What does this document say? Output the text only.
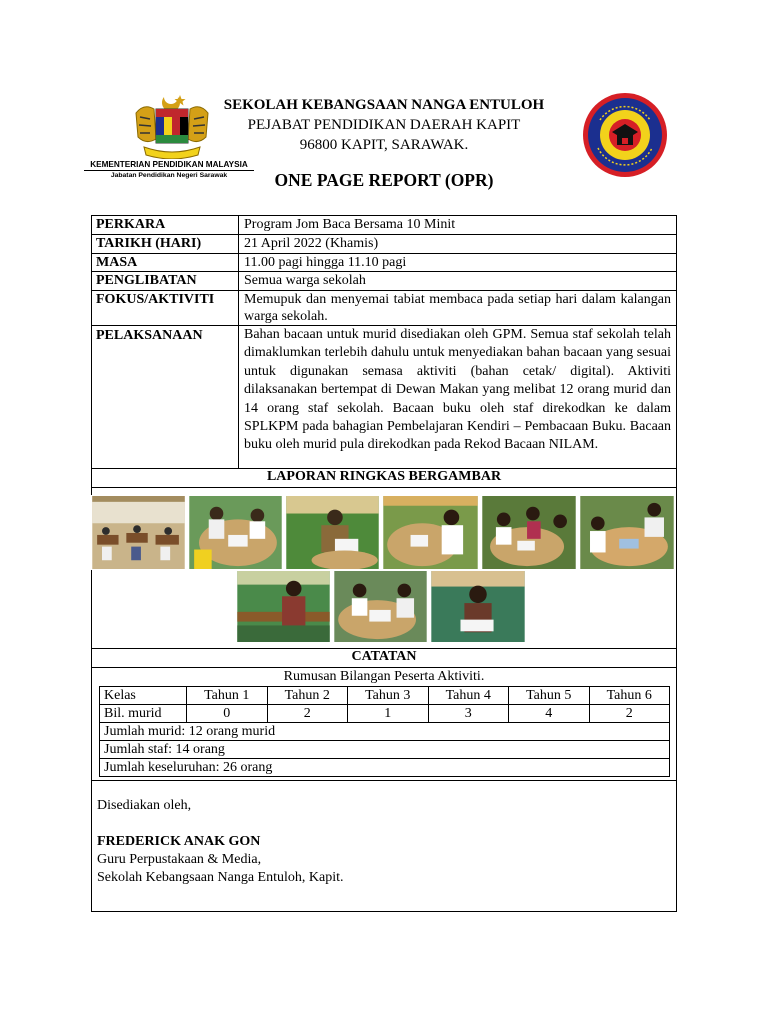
KEMENTERIAN PENDIDIKAN MALAYSIA
Jabatan Pendidikan Negeri Sarawak
SEKOLAH KEBANGSAAN NANGA ENTULOH
PEJABAT PENDIDIKAN DAERAH KAPIT
96800 KAPIT, SARAWAK.
ONE PAGE REPORT (OPR)
PERKARA	Program Jom Baca Bersama 10 Minit
TARIKH (HARI)	21 April 2022 (Khamis)
MASA	11.00 pagi hingga 11.10 pagi
PENGLIBATAN	Semua warga sekolah
FOKUS/AKTIVITI Memupuk dan menyemai tabiat membaca pada setiap hari dalam kalangan warga sekolah.
PELAKSANAAN	Bahan bacaan untuk murid disediakan oleh GPM. Semua staf sekolah telah dimaklumkan terlebih dahulu untuk menyediakan bahan bacaan yang sesuai untuk digunakan semasa aktiviti (bahan cetak/ digital). Aktiviti dilaksanakan bertempat di Dewan Makan yang melibat 12 orang murid dan 14 orang staf sekolah. Bacaan buku oleh staf direkodkan ke dalam SPLKPM pada bahagian Pembelajaran Kendiri – Pembacaan Buku. Bacaan buku oleh murid pula direkodkan pada Rekod Bacaan NILAM.
LAPORAN RINGKAS BERGAMBAR
CATATAN
Rumusan Bilangan Peserta Aktiviti.
Kelas	Tahun 1	Tahun 2	Tahun 3	Tahun 4	Tahun 5	Tahun 6
Bil. murid	0	2	1	3	4	2
Jumlah murid: 12 orang murid						
Jumlah staf: 14 orang						
Jumlah keseluruhan: 26 orang						
Disediakan oleh,
FREDERICK ANAK GON
Guru Perpustakaan & Media,
Sekolah Kebangsaan Nanga Entuloh, Kapit.
